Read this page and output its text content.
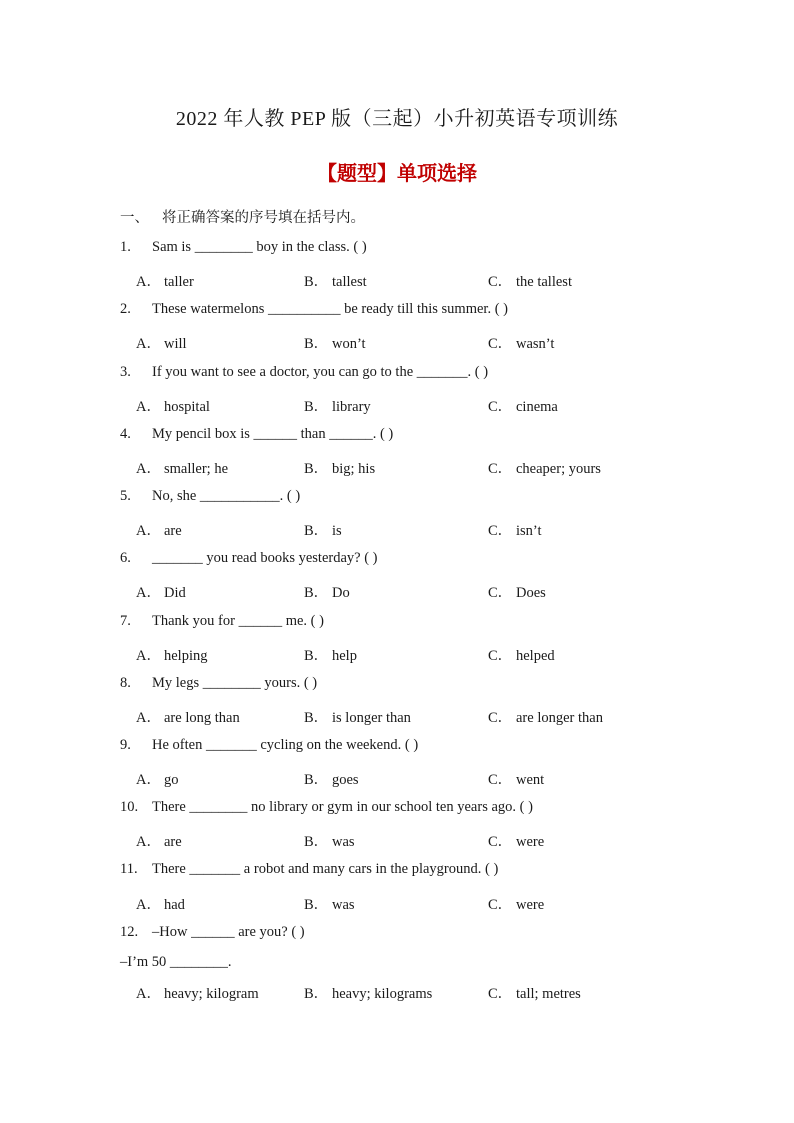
2022 年人教 PEP 版（三起）小升初英语专项训练
【题型】单项选择
一、 将正确答案的序号填在括号内。
1. Sam is ________ boy in the class. ( )
A． taller	B． tallest	C． the tallest
2. These watermelons __________ be ready till this summer. ( )
A． will	B． won’t	C． wasn’t
3. If you want to see a doctor, you can go to the _______. ( )
A． hospital	B． library	C． cinema
4. My pencil box is ______ than ______. ( )
A． smaller; he	B． big; his	C． cheaper; yours
5. No, she ___________. ( )
A． are	B． is	C． isn’t
6. _______ you read books yesterday? ( )
A． Did	B． Do	C． Does
7. Thank you for ______ me. ( )
A． helping	B． help	C． helped
8. My legs ________ yours. ( )
A． are long than	B． is longer than	C． are longer than
9. He often _______ cycling on the weekend. ( )
A． go	B． goes	C． went
10. There ________ no library or gym in our school ten years ago. ( )
A． are	B． was	C． were
11. There _______ a robot and many cars in the playground. ( )
A． had	B． was	C． were
12. –How ______ are you? ( )
–I’m 50 ________.
A． heavy; kilogram	B． heavy; kilograms	C． tall; metres
